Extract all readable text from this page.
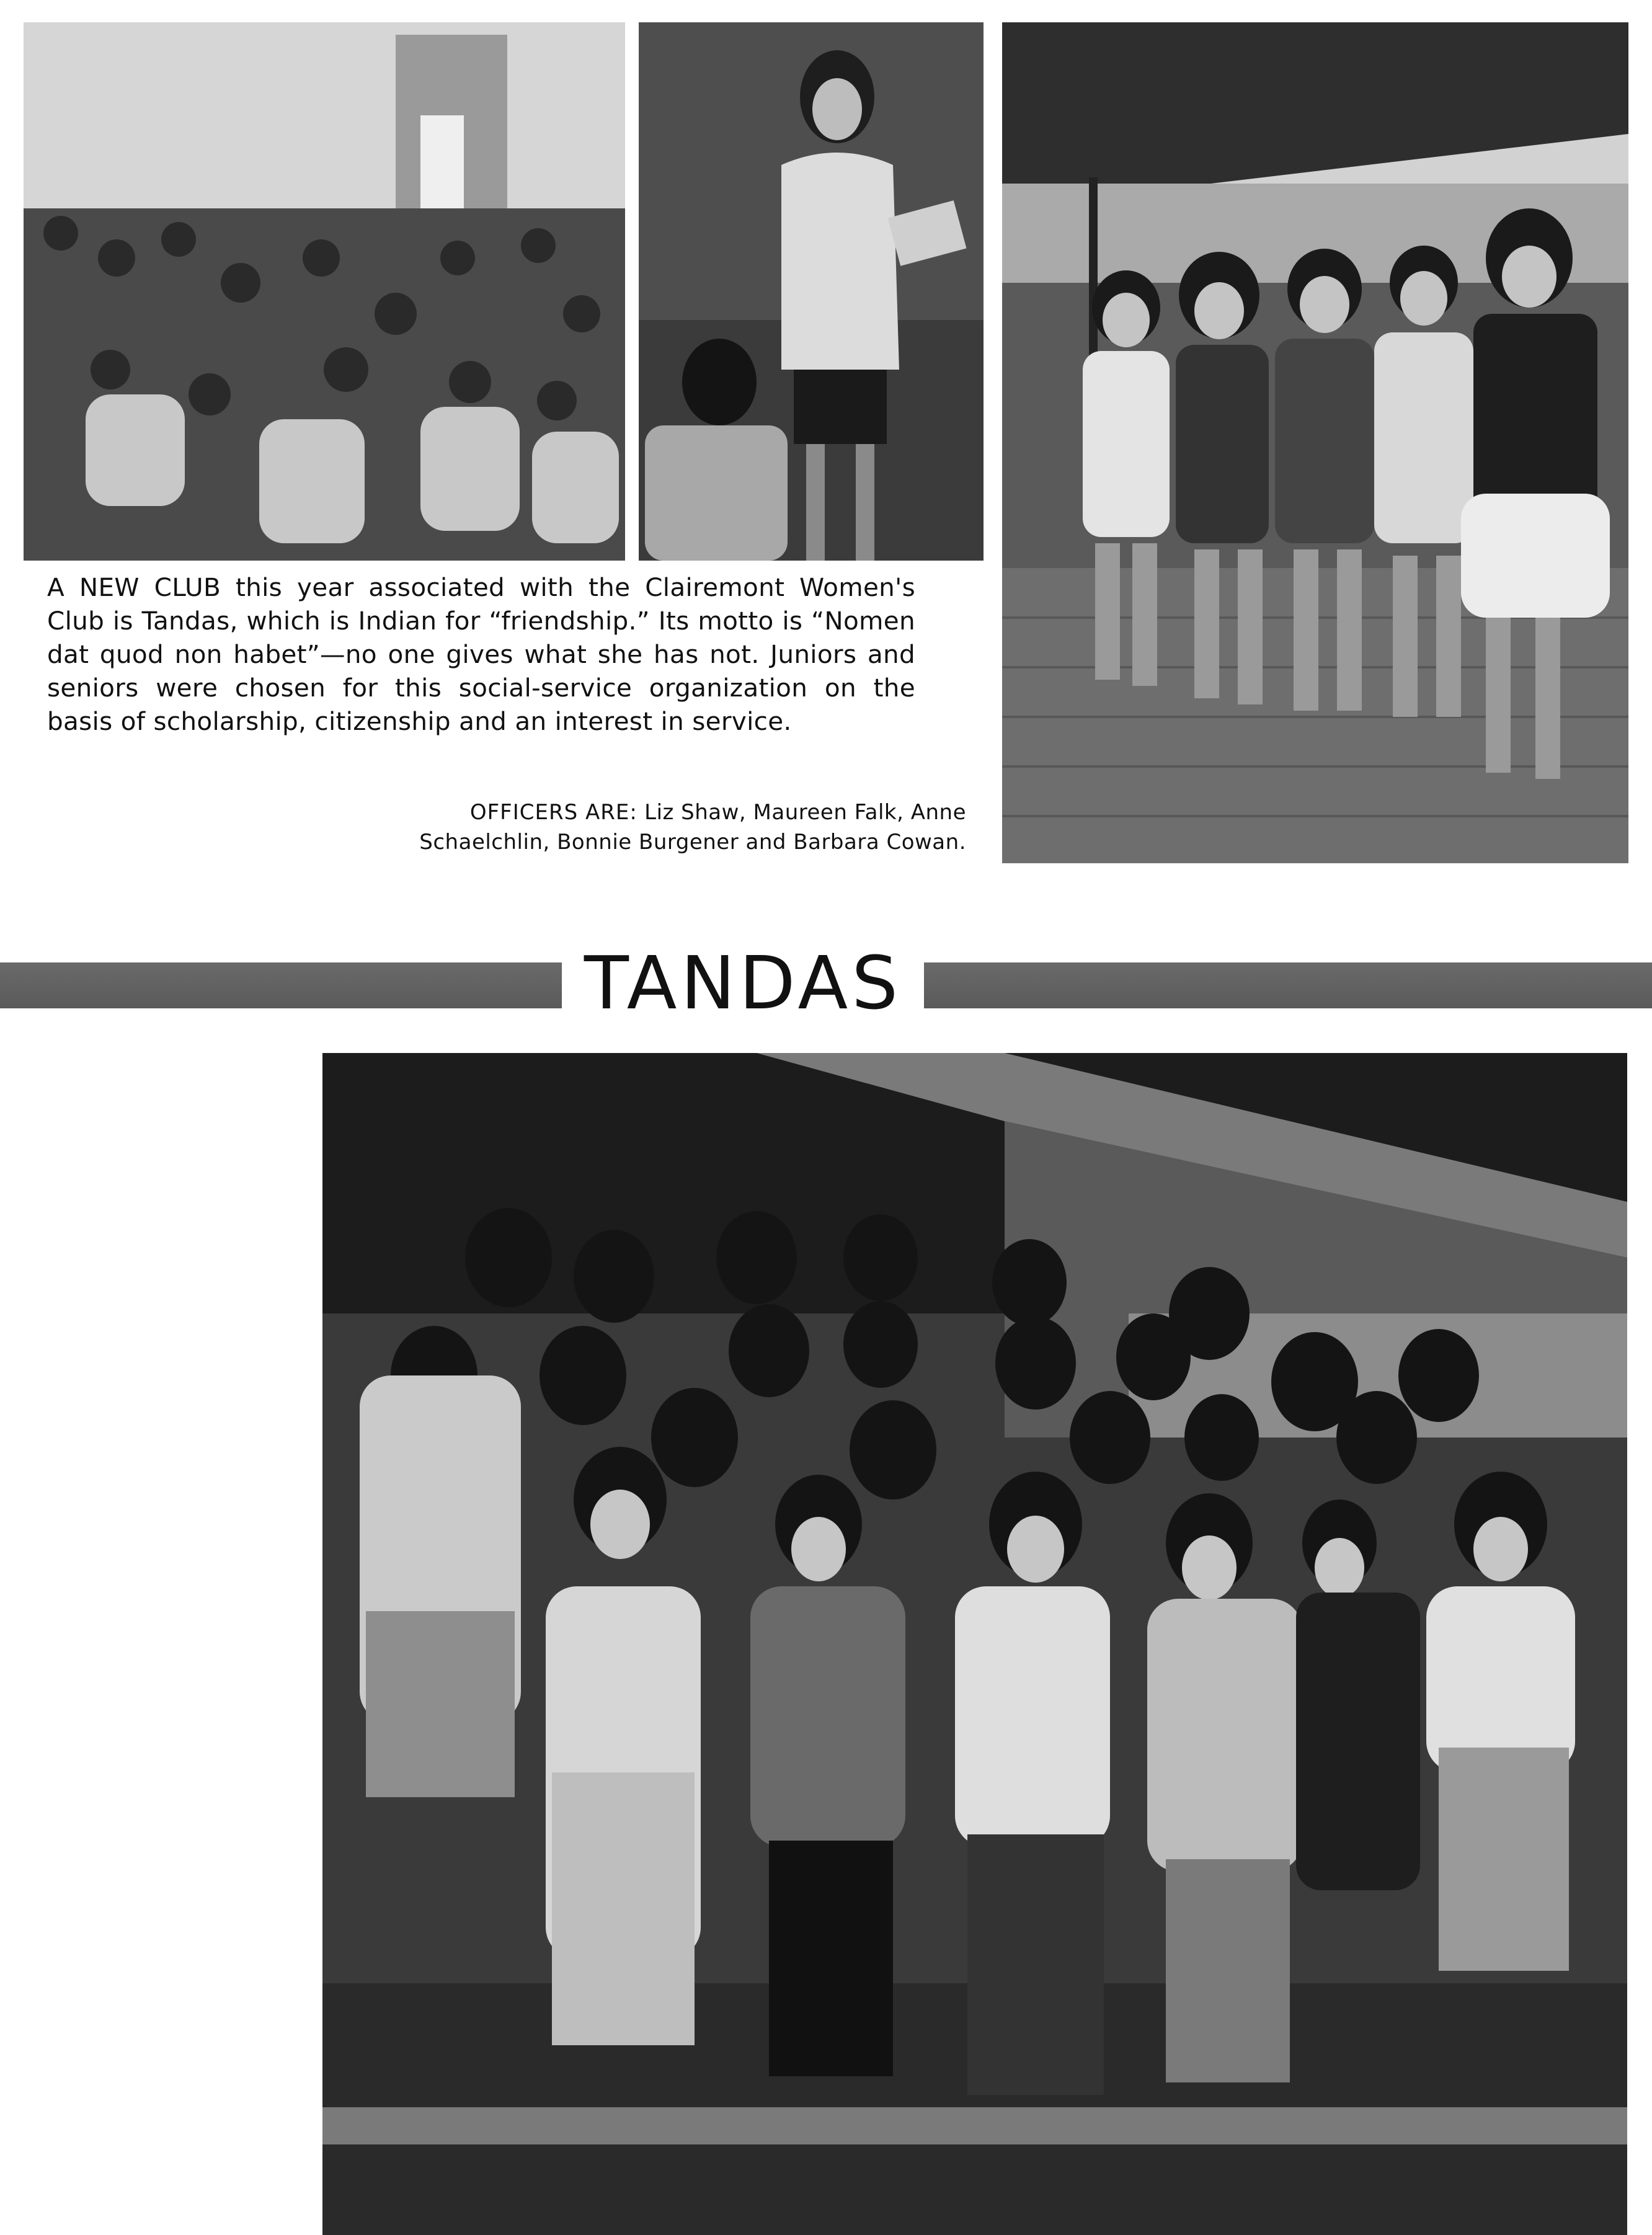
A NEW CLUB this year associated with the Clairemont Women's Club is Tandas, which is Indian for “friendship.” Its motto is “Nomen dat quod non habet”—no one gives what she has not. Juniors and seniors were chosen for this social-service organization on the basis of scholarship, citizenship and an interest in service.
OFFICERS ARE: Liz Shaw, Maureen Falk, Anne Schaelchlin, Bonnie Burgener and Barbara Cowan.
TANDAS
